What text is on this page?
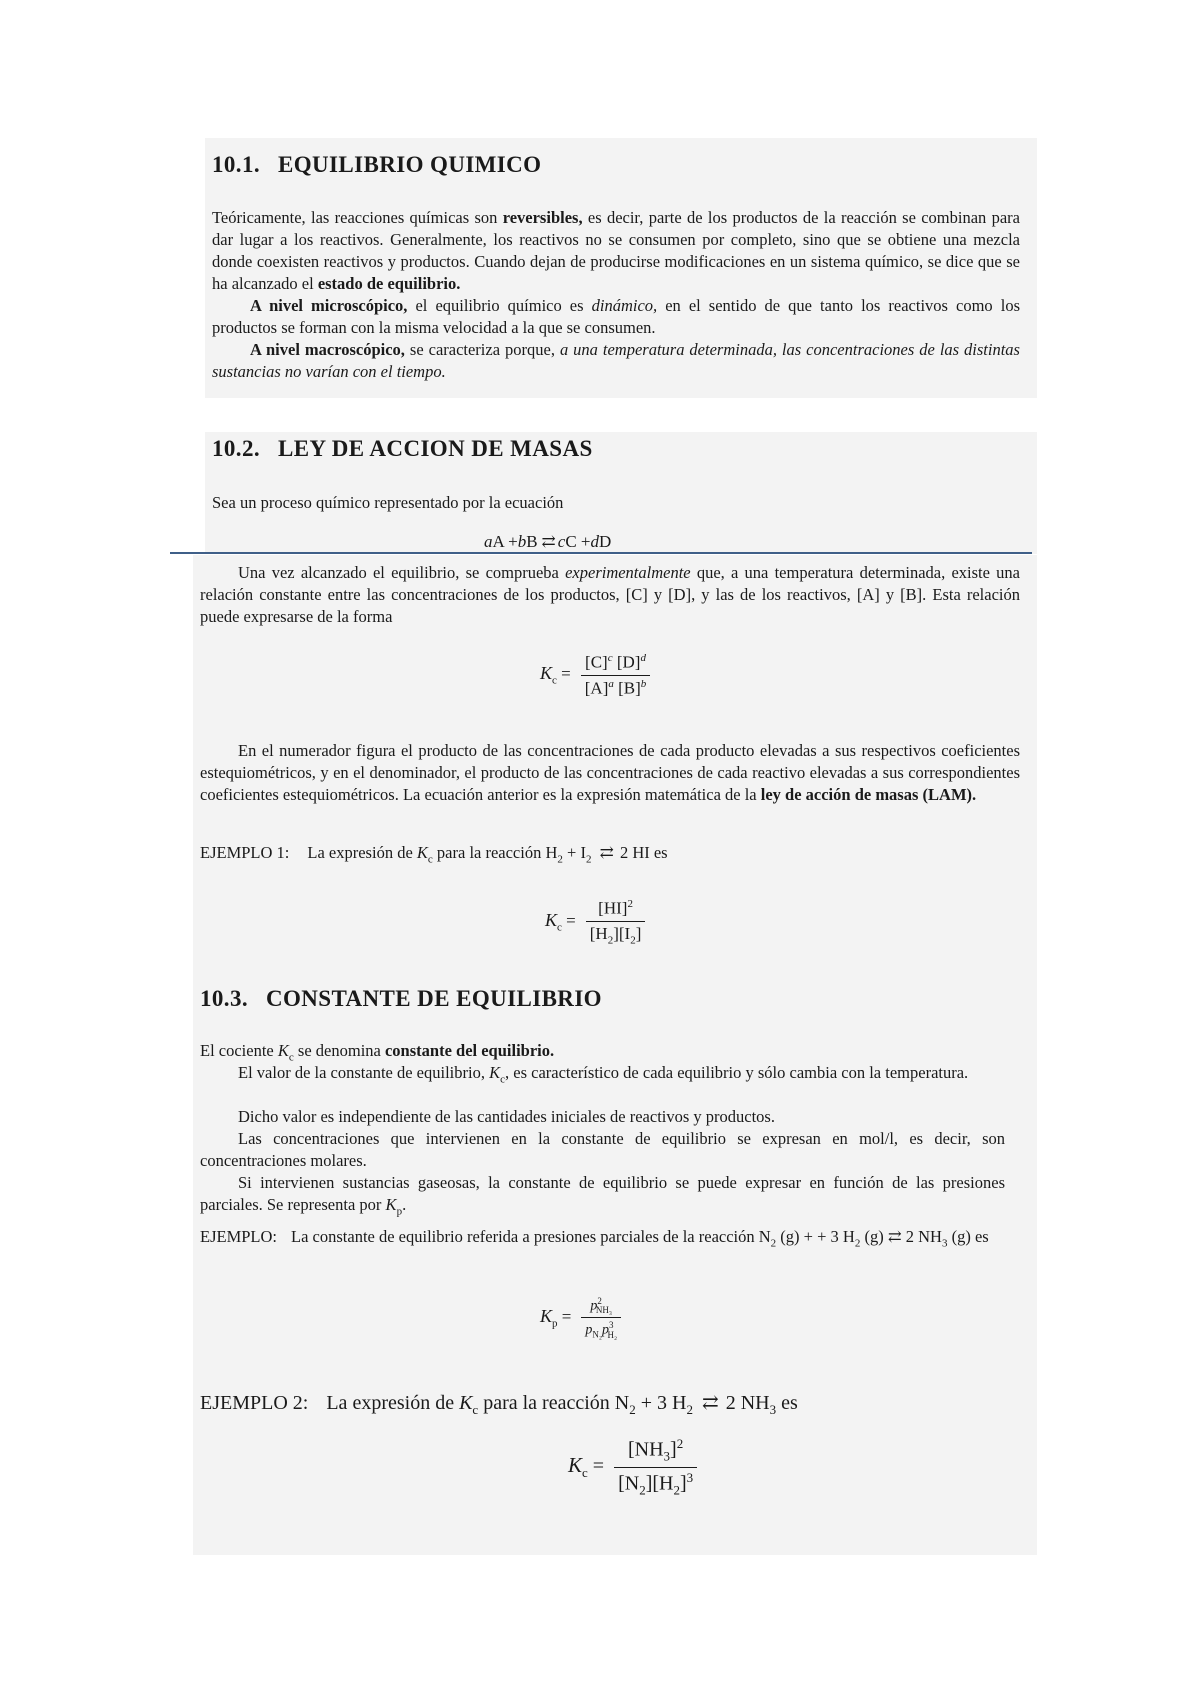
10.1. EQUILIBRIO QUIMICO
Teóricamente, las reacciones químicas son reversibles, es decir, parte de los productos de la reacción se combinan para dar lugar a los reactivos. Generalmente, los reactivos no se consumen por completo, sino que se obtiene una mezcla donde coexisten reactivos y productos. Cuando dejan de producirse modificaciones en un sistema químico, se dice que se ha alcanzado el estado de equilibrio.
A nivel microscópico, el equilibrio químico es dinámico, en el sentido de que tanto los reactivos como los productos se forman con la misma velocidad a la que se consumen.
A nivel macroscópico, se caracteriza porque, a una temperatura determinada, las concentraciones de las distintas sustancias no varían con el tiempo.
10.2. LEY DE ACCION DE MASAS
Sea un proceso químico representado por la ecuación
a A + b B ⇄ c C + d D
Una vez alcanzado el equilibrio, se comprueba experimentalmente que, a una temperatura determinada, existe una relación constante entre las concentraciones de los productos, [C] y [D], y las de los reactivos, [A] y [B]. Esta relación puede expresarse de la forma
$K_c = \frac{[C]^c [D]^d}{[A]^a [B]^b}$
En el numerador figura el producto de las concentraciones de cada producto elevadas a sus respectivos coeficientes estequiométricos, y en el denominador, el producto de las concentraciones de cada reactivo elevadas a sus correspondientes coeficientes estequiométricos. La ecuación anterior es la expresión matemática de la ley de acción de masas (LAM).
EJEMPLO 1: La expresión de $K_c$ para la reacción $H_2 + I_2$ ⇄ 2 HI es
$K_c = \frac{[HI]^2}{[H_2][I_2]}$
10.3. CONSTANTE DE EQUILIBRIO
El cociente $K_c$ se denomina constante del equilibrio.
El valor de la constante de equilibrio, $K_c$, es característico de cada equilibrio y sólo cambia con la temperatura.
Dicho valor es independiente de las cantidades iniciales de reactivos y productos.
Las concentraciones que intervienen en la constante de equilibrio se expresan en mol/l, es decir, son concentraciones molares.
Si intervienen sustancias gaseosas, la constante de equilibrio se puede expresar en función de las presiones parciales. Se representa por $K_p$.
EJEMPLO: La constante de equilibrio referida a presiones parciales de la reacción $N_2$ (g) + + 3 $H_2$ (g) ⇄ 2 $NH_3$ (g) es
$K_p = \frac{p^2_{NH_3}}{p_{N_2}p^3_{H_2}}$
EJEMPLO 2: La expresión de $K_c$ para la reacción $N_2 + 3$ $H_2$ ⇄ 2 $NH_3$ es
$K_c = \frac{[NH_3]^2}{[N_2][H_2]^3}$
